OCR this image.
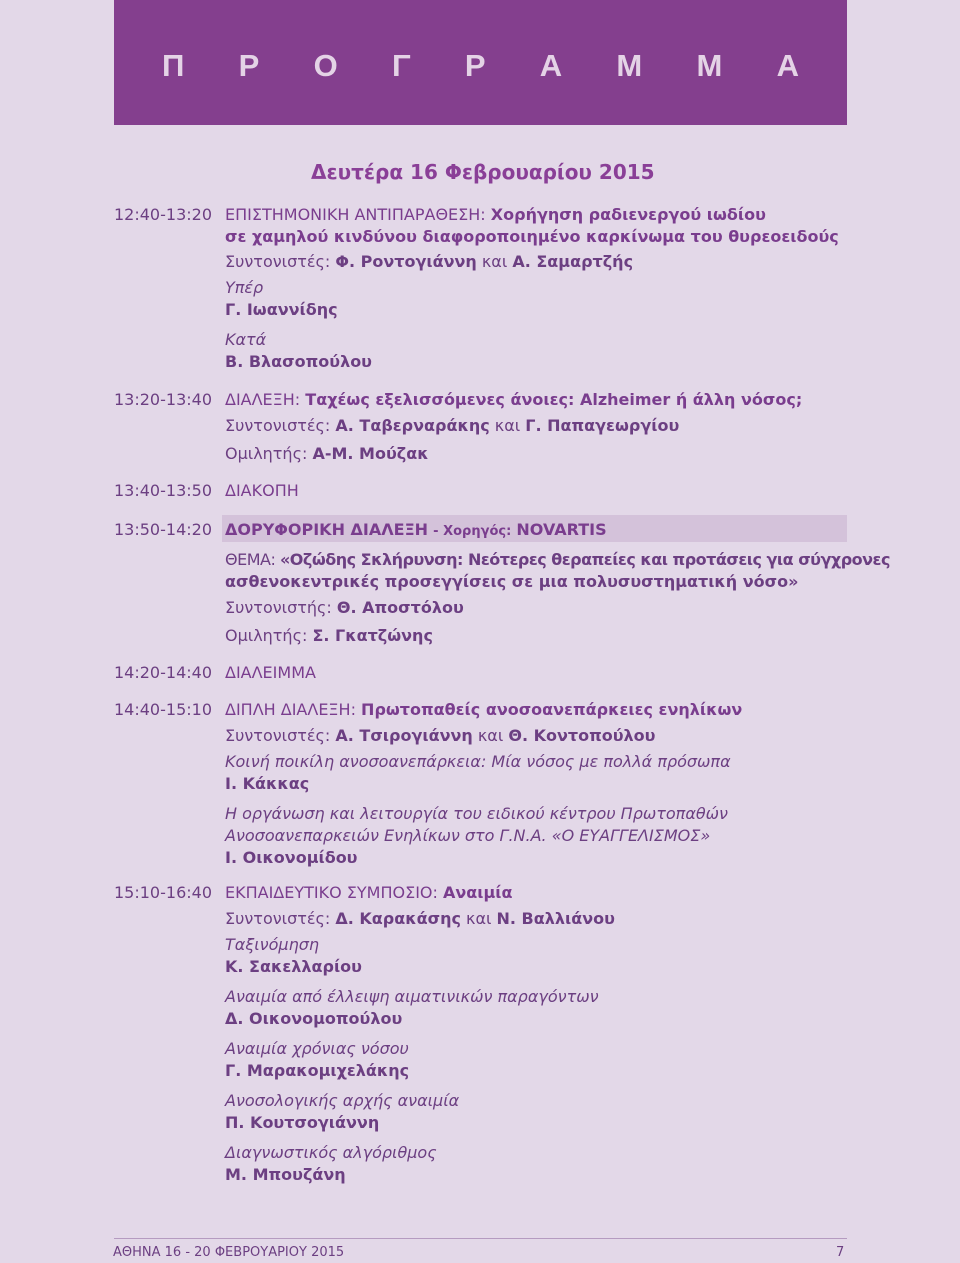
Π Ρ Ο Γ Ρ Α Μ Μ Α
Δευτέρα 16 Φεβρουαρίου 2015
12:40-13:20 ΕΠΙΣΤΗΜΟΝΙΚΗ ΑΝΤΙΠΑΡΑΘΕΣΗ: Χορήγηση ραδιενεργού ιωδίου
σε χαμηλού κινδύνου διαφοροποιημένο καρκίνωμα του θυρεοειδούς
Συντονιστές: Φ. Ροντογιάννη και Α. Σαμαρτζής
Υπέρ
Γ. Ιωαννίδης
Κατά
Β. Βλασοπούλου
13:20-13:40 ΔΙΑΛΕΞΗ: Ταχέως εξελισσόμενες άνοιες: Alzheimer ή άλλη νόσος;
Συντονιστές: Α. Ταβερναράκης και Γ. Παπαγεωργίου
Ομιλητής: Α-Μ. Μούζακ
13:40-13:50 ΔΙΑΚΟΠΗ
13:50-14:20 ΔΟΡΥΦΟΡΙΚΗ ΔΙΑΛΕΞΗ - Χορηγός: NOVARTIS
ΘΕΜΑ: «Οζώδης Σκλήρυνση: Νεότερες θεραπείες και προτάσεις για σύγχρονες
ασθενοκεντρικές προσεγγίσεις σε μια πολυσυστηματική νόσο»
Συντονιστής: Θ. Αποστόλου
Ομιλητής: Σ. Γκατζώνης
14:20-14:40 ΔΙΑΛΕΙΜΜΑ
14:40-15:10 ΔΙΠΛΗ ΔΙΑΛΕΞΗ: Πρωτοπαθείς ανοσοανεπάρκειες ενηλίκων
Συντονιστές: Α. Τσιρογιάννη και Θ. Κοντοπούλου
Κοινή ποικίλη ανοσοανεπάρκεια: Μία νόσος με πολλά πρόσωπα
Ι. Κάκκας
Η οργάνωση και λειτουργία του ειδικού κέντρου Πρωτοπαθών
Ανοσοανεπαρκειών Ενηλίκων στο Γ.Ν.Α. «Ο ΕΥΑΓΓΕΛΙΣΜΟΣ»
Ι. Οικονομίδου
15:10-16:40 ΕΚΠΑΙΔΕΥΤΙΚΟ ΣΥΜΠΟΣΙΟ: Αναιμία
Συντονιστές: Δ. Καρακάσης και Ν. Βαλλιάνου
Ταξινόμηση
Κ. Σακελλαρίου
Αναιμία από έλλειψη αιματινικών παραγόντων
Δ. Οικονομοπούλου
Αναιμία χρόνιας νόσου
Γ. Μαρακομιχελάκης
Ανοσολογικής αρχής αναιμία
Π. Κουτσογιάννη
Διαγνωστικός αλγόριθμος
Μ. Μπουζάνη
ΑΘΗΝΑ 16 - 20 ΦΕΒΡΟΥΑΡΙΟΥ 2015	7
